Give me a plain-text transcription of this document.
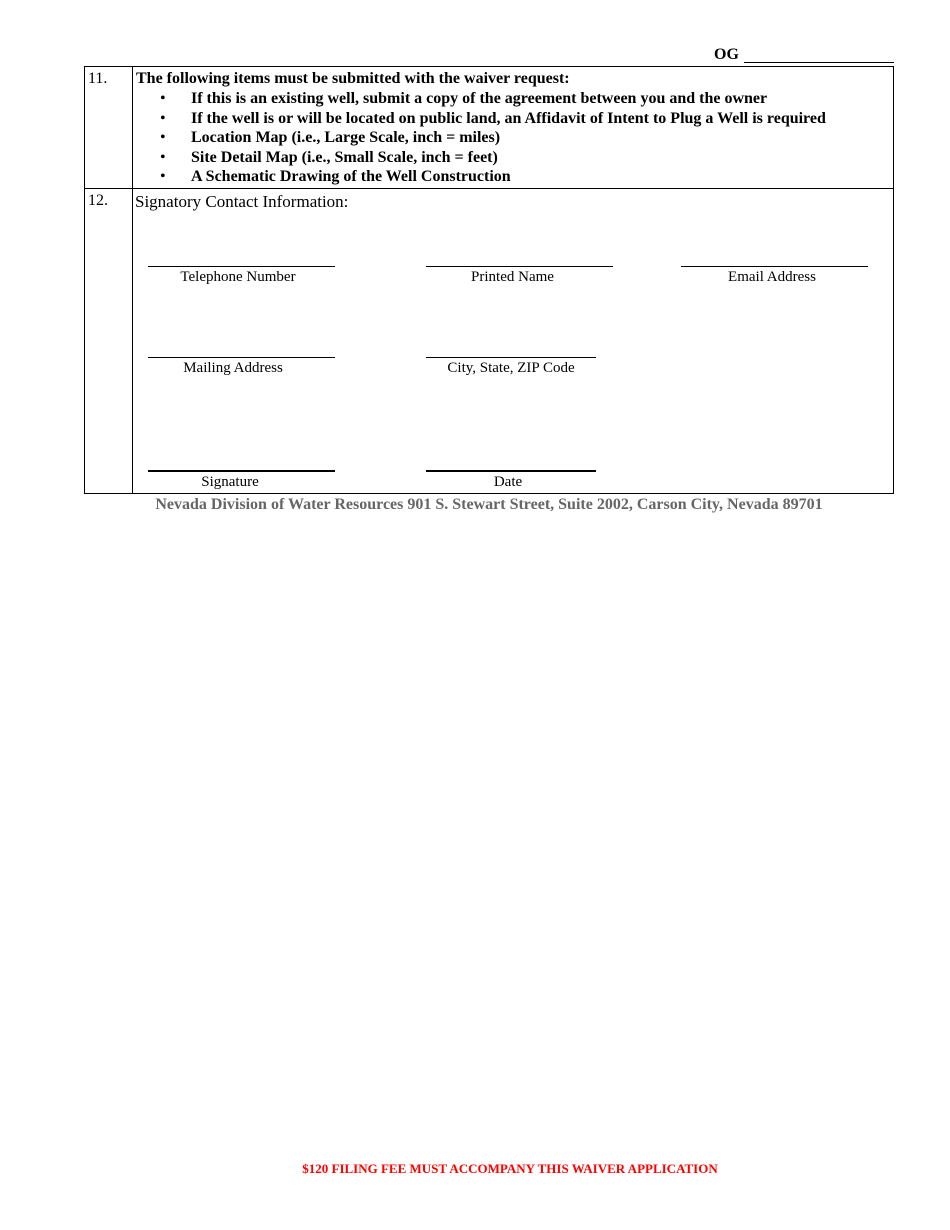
OG
11. The following items must be submitted with the waiver request:
• If this is an existing well, submit a copy of the agreement between you and the owner
• If the well is or will be located on public land, an Affidavit of Intent to Plug a Well is required
• Location Map (i.e., Large Scale, inch = miles)
• Site Detail Map (i.e., Small Scale, inch = feet)
• A Schematic Drawing of the Well Construction
12. Signatory Contact Information:
Telephone Number	Printed Name	Email Address
Mailing Address	City, State, ZIP Code
Signature	Date
Nevada Division of Water Resources 901 S. Stewart Street, Suite 2002, Carson City, Nevada 89701
$120 FILING FEE MUST ACCOMPANY THIS WAIVER APPLICATION
